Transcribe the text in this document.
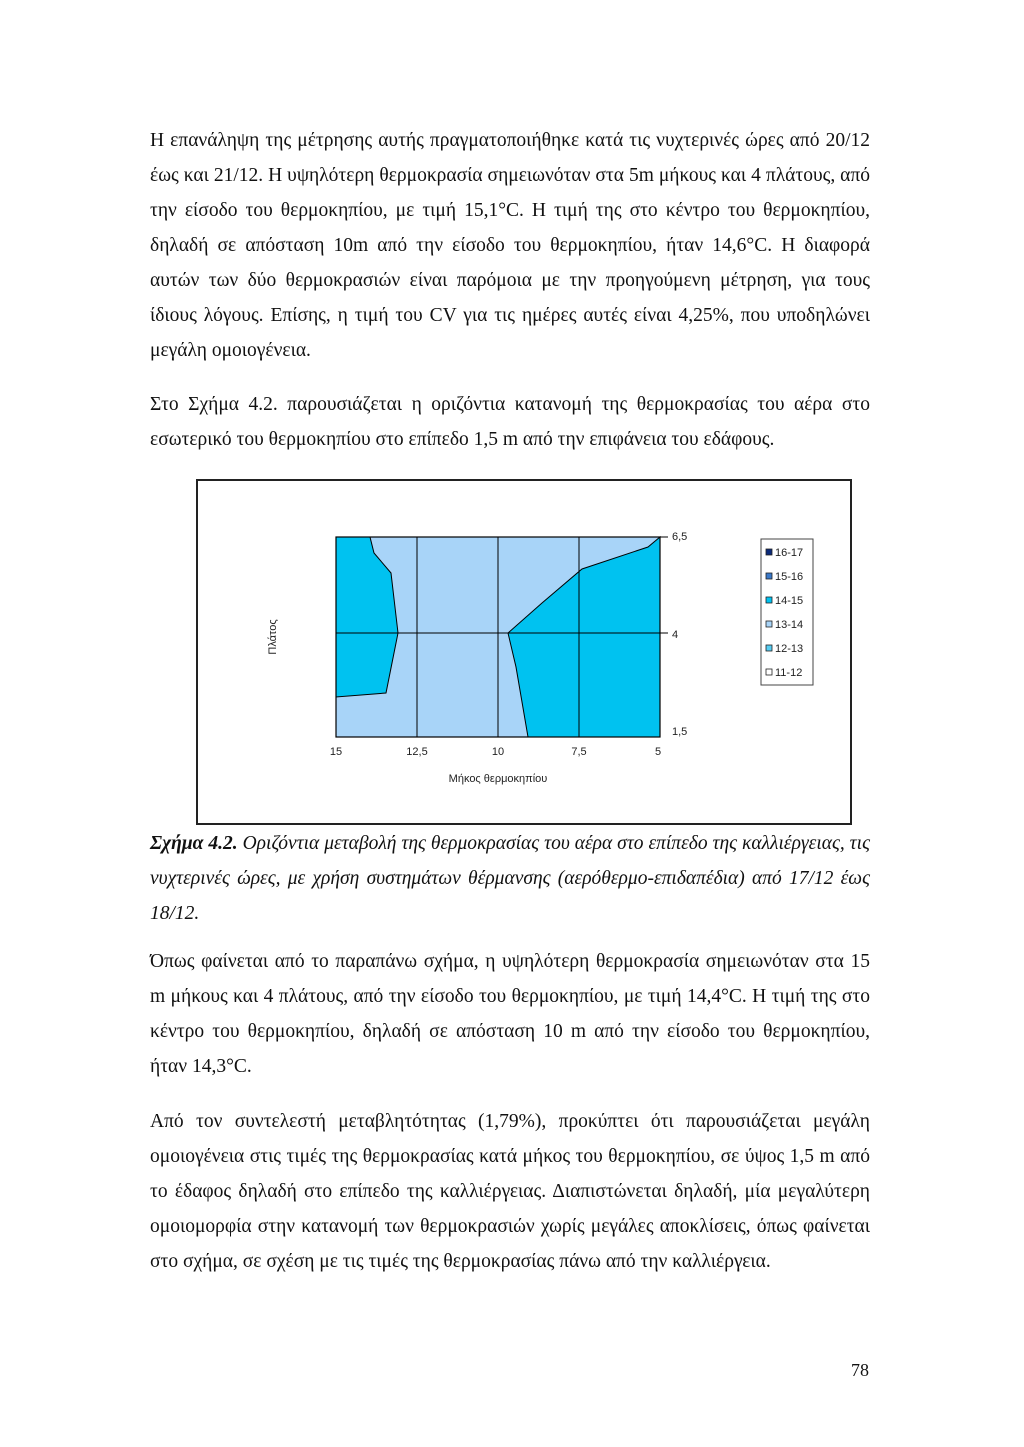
Η επανάληψη της μέτρησης αυτής πραγματοποιήθηκε κατά τις νυχτερινές ώρες από 20/12 έως και 21/12. Η υψηλότερη θερμοκρασία σημειωνόταν στα 5m μήκους και 4 πλάτους, από την είσοδο του θερμοκηπίου, με τιμή 15,1°C. Η τιμή της στο κέντρο του θερμοκηπίου, δηλαδή σε απόσταση 10m από την είσοδο του θερμοκηπίου, ήταν 14,6°C. Η διαφορά αυτών των δύο θερμοκρασιών είναι παρόμοια με την προηγούμενη μέτρηση, για τους ίδιους λόγους. Επίσης, η τιμή του CV για τις ημέρες αυτές είναι 4,25%, που υποδηλώνει μεγάλη ομοιογένεια.
Στο Σχήμα 4.2. παρουσιάζεται η οριζόντια κατανομή της θερμοκρασίας του αέρα στο εσωτερικό του θερμοκηπίου στο επίπεδο 1,5 m από την επιφάνεια του εδάφους.
15	12,5	10	7,5	5
6,5
4
1,5
Μήκος θερμοκηπίου
Πλάτος
16-17
15-16
14-15
13-14
12-13
11-12
Σχήμα 4.2. Οριζόντια μεταβολή της θερμοκρασίας του αέρα στο επίπεδο της καλλιέργειας, τις νυχτερινές ώρες, με χρήση συστημάτων θέρμανσης (αερόθερμο-επιδαπέδια) από 17/12 έως 18/12.
Όπως φαίνεται από το παραπάνω σχήμα, η υψηλότερη θερμοκρασία σημειωνόταν στα 15 m μήκους και 4 πλάτους, από την είσοδο του θερμοκηπίου, με τιμή 14,4°C. Η τιμή της στο κέντρο του θερμοκηπίου, δηλαδή σε απόσταση 10 m από την είσοδο του θερμοκηπίου, ήταν 14,3°C.
Από τον συντελεστή μεταβλητότητας (1,79%), προκύπτει ότι παρουσιάζεται μεγάλη ομοιογένεια στις τιμές της θερμοκρασίας κατά μήκος του θερμοκηπίου, σε ύψος 1,5 m από το έδαφος δηλαδή στο επίπεδο της καλλιέργειας. Διαπιστώνεται δηλαδή, μία μεγαλύτερη ομοιομορφία στην κατανομή των θερμοκρασιών χωρίς μεγάλες αποκλίσεις, όπως φαίνεται στο σχήμα, σε σχέση με τις τιμές της θερμοκρασίας πάνω από την καλλιέργεια.
78
